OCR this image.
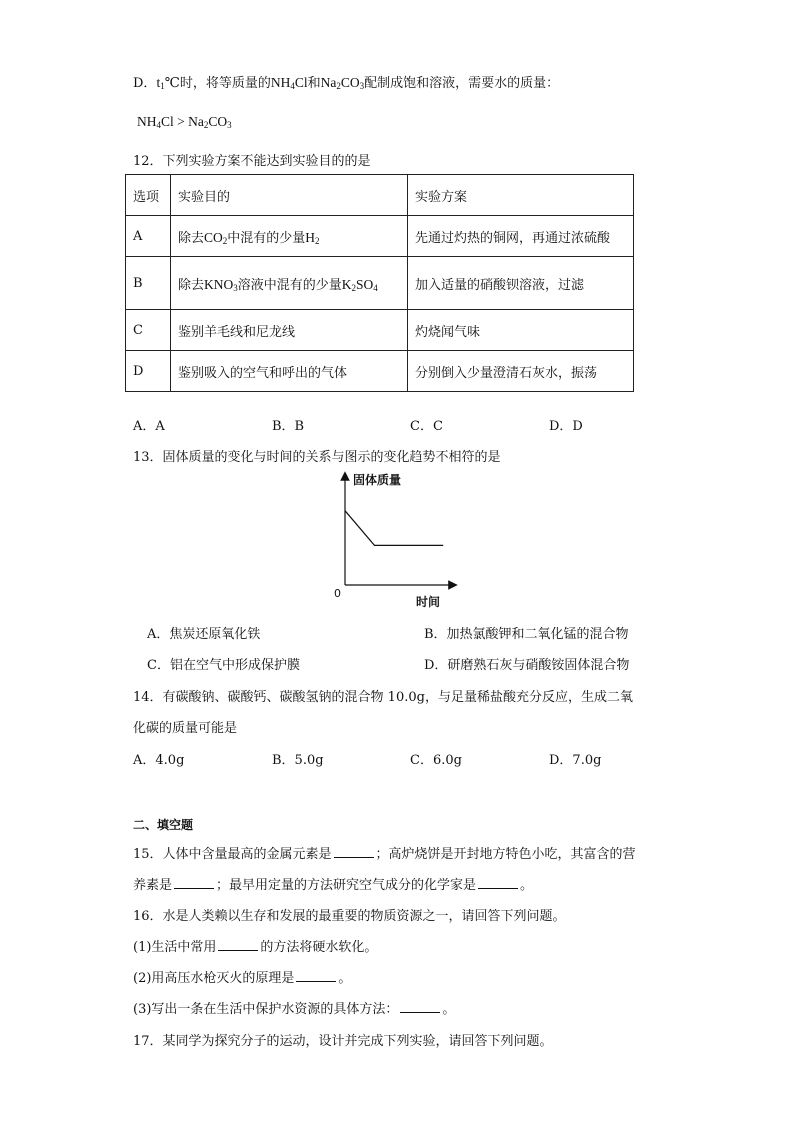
D．$t_1℃$时，将等质量的$NH_4Cl$和$Na_2CO_3$配制成饱和溶液，需要水的质量：
$NH_4Cl > Na_2CO_3$
12．下列实验方案不能达到实验目的的是
选项	实验目的	实验方案
A	除去$CO_2$中混有的少量$H_2$	先通过灼热的铜网，再通过浓硫酸
B	除去$KNO_3$溶液中混有的少量$K_2SO_4$	加入适量的硝酸钡溶液，过滤
C	鉴别羊毛线和尼龙线	灼烧闻气味
D	鉴别吸入的空气和呼出的气体	分别倒入少量澄清石灰水，振荡
A．A	B．B	C．C	D．D
13．固体质量的变化与时间的关系与图示的变化趋势不相符的是
固体质量
时间
0
A．焦炭还原氧化铁	B．加热氯酸钾和二氧化锰的混合物
C．铝在空气中形成保护膜	D．研磨熟石灰与硝酸铵固体混合物
14．有碳酸钠、碳酸钙、碳酸氢钠的混合物 10.0g，与足量稀盐酸充分反应，生成二氧
化碳的质量可能是
A．4.0g	B．5.0g	C．6.0g	D．7.0g
二、填空题
15．人体中含量最高的金属元素是	；高炉烧饼是开封地方特色小吃，其富含的营
养素是	；最早用定量的方法研究空气成分的化学家是	。
16．水是人类赖以生存和发展的最重要的物质资源之一，请回答下列问题。
(1)生活中常用	的方法将硬水软化。
(2)用高压水枪灭火的原理是	。
(3)写出一条在生活中保护水资源的具体方法：	。
17．某同学为探究分子的运动，设计并完成下列实验，请回答下列问题。
